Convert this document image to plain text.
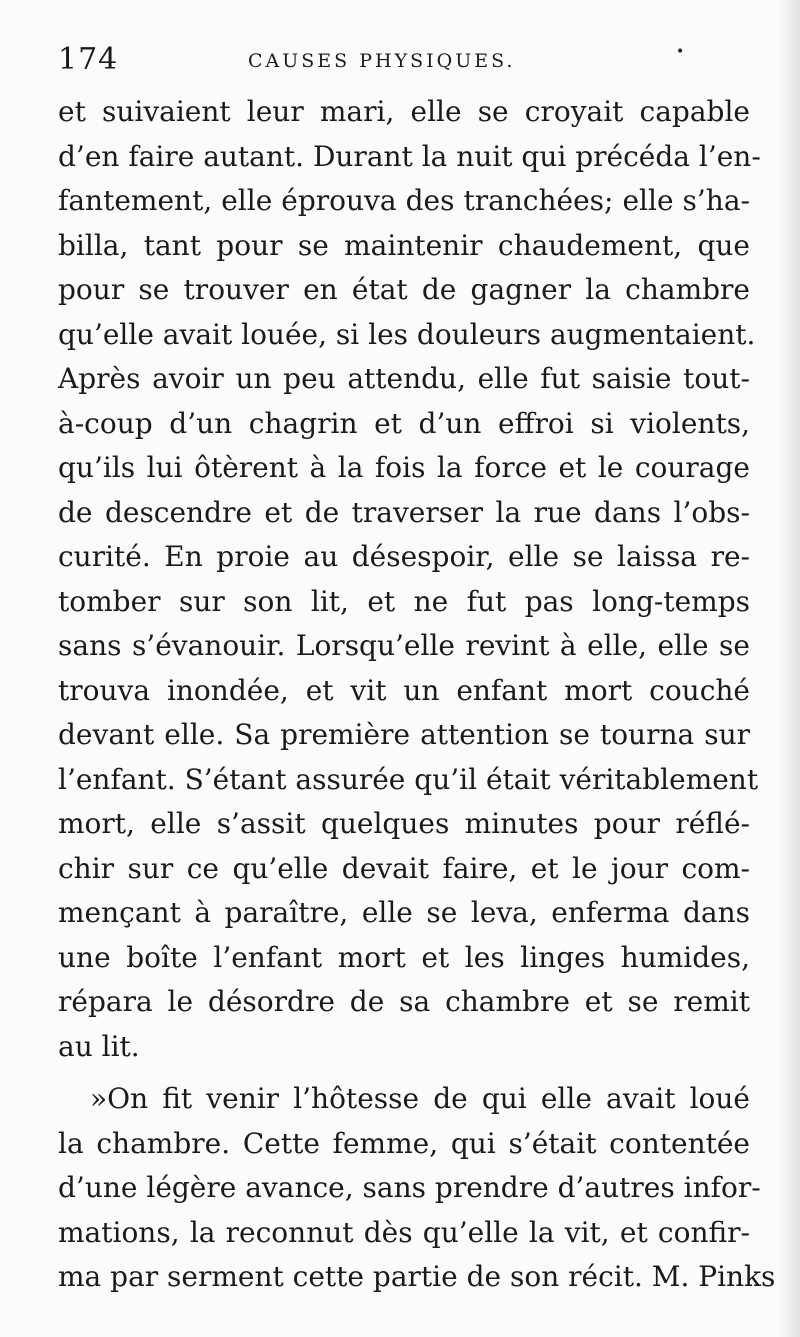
174	CAUSES PHYSIQUES.	•
et suivaient leur mari, elle se croyait capable
d’en faire autant. Durant la nuit qui précéda l’en-
fantement, elle éprouva des tranchées; elle s’ha-
billa, tant pour se maintenir chaudement, que
pour se trouver en état de gagner la chambre
qu’elle avait louée, si les douleurs augmentaient.
Après avoir un peu attendu, elle fut saisie tout-
à-coup d’un chagrin et d’un effroi si violents,
qu’ils lui ôtèrent à la fois la force et le courage
de descendre et de traverser la rue dans l’obs-
curité. En proie au désespoir, elle se laissa re-
tomber sur son lit, et ne fut pas long-temps
sans s’évanouir. Lorsqu’elle revint à elle, elle se
trouva inondée, et vit un enfant mort couché
devant elle. Sa première attention se tourna sur
l’enfant. S’étant assurée qu’il était véritablement
mort, elle s’assit quelques minutes pour réflé-
chir sur ce qu’elle devait faire, et le jour com-
mençant à paraître, elle se leva, enferma dans
une boîte l’enfant mort et les linges humides,
répara le désordre de sa chambre et se remit
au lit.
»On fit venir l’hôtesse de qui elle avait loué
la chambre. Cette femme, qui s’était contentée
d’une légère avance, sans prendre d’autres infor-
mations, la reconnut dès qu’elle la vit, et confir-
ma par serment cette partie de son récit. M. Pinks
